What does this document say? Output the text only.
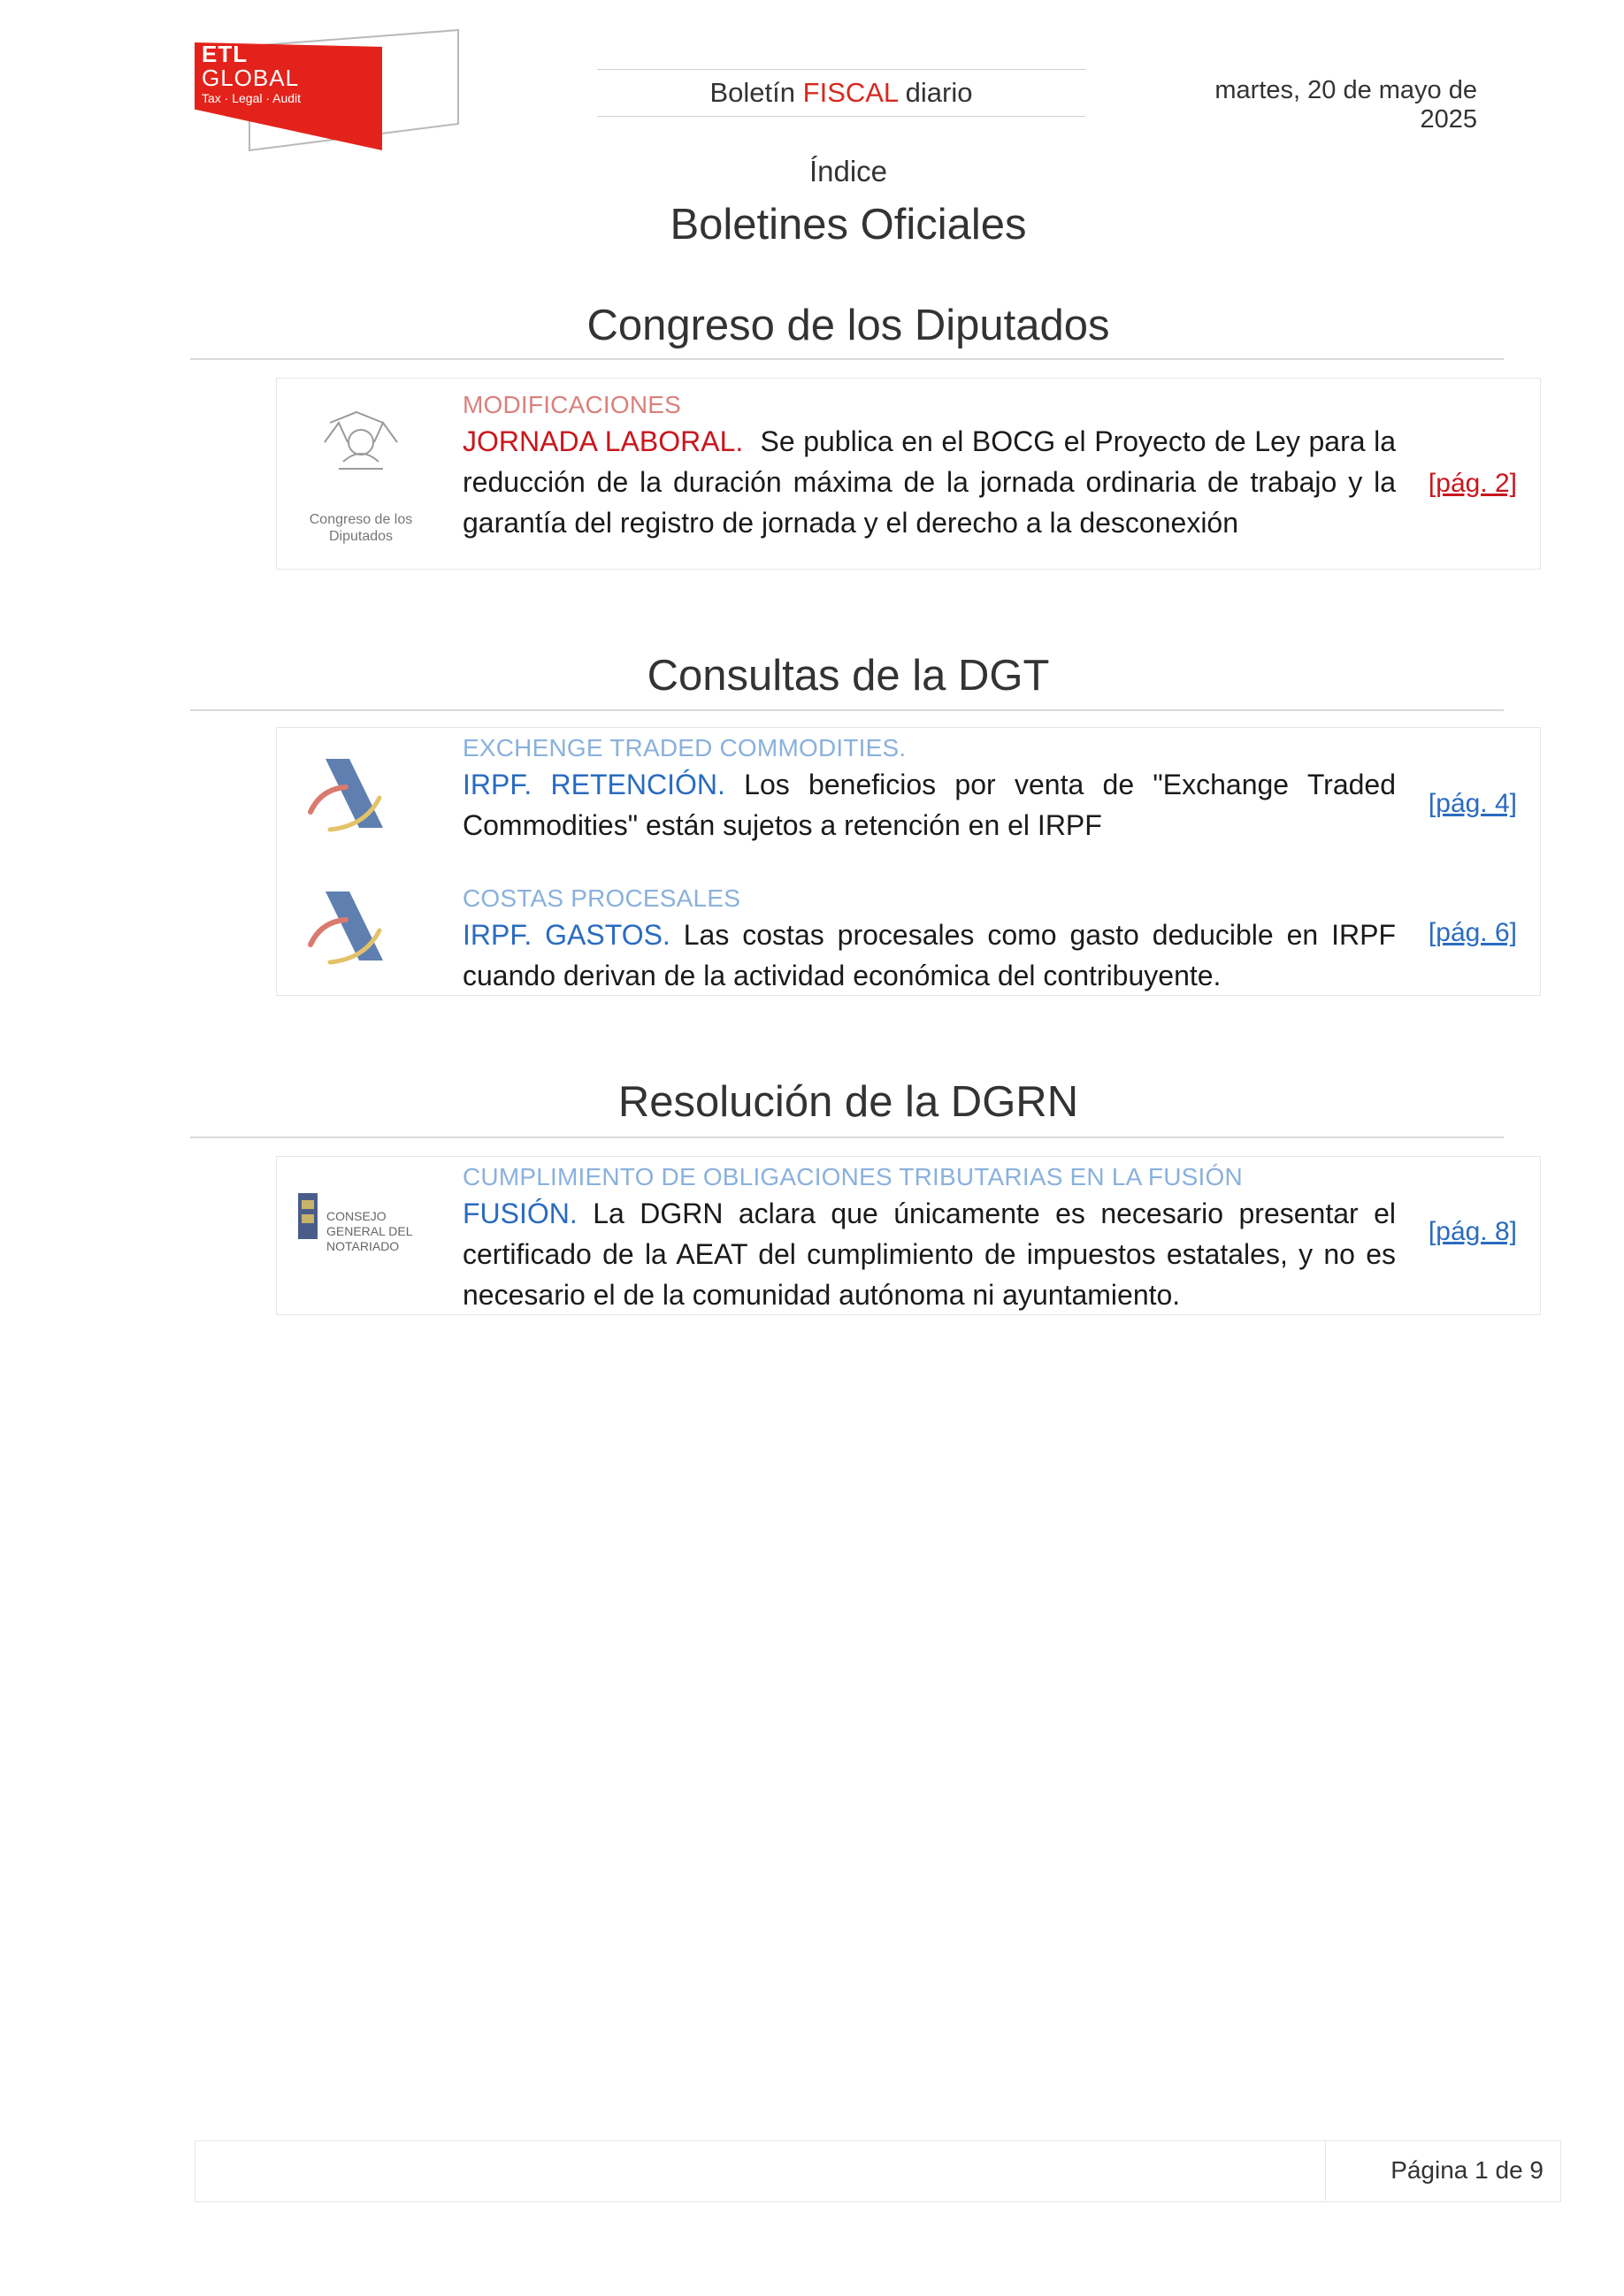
ETL
GLOBAL
Tax · Legal · Audit	Boletín FISCAL diario	martes, 20 de mayo de 2025
Índice
Boletines Oficiales
Congreso de los Diputados
Congreso de los Diputados
MODIFICACIONES
JORNADA LABORAL. Se publica en el BOCG el Proyecto de Ley para la reducción de la duración máxima de la jornada ordinaria de trabajo y la garantía del registro de jornada y el derecho a la desconexión
[pág. 2]
Consultas de la DGT
EXCHENGE TRADED COMMODITIES.
IRPF. RETENCIÓN. Los beneficios por venta de "Exchange Traded Commodities" están sujetos a retención en el IRPF
[pág. 4]
COSTAS PROCESALES
IRPF. GASTOS. Las costas procesales como gasto deducible en IRPF cuando derivan de la actividad económica del contribuyente.
[pág. 6]
Resolución de la DGRN
CONSEJO GENERAL DEL NOTARIADO
CUMPLIMIENTO DE OBLIGACIONES TRIBUTARIAS EN LA FUSIÓN
FUSIÓN. La DGRN aclara que únicamente es necesario presentar el certificado de la AEAT del cumplimiento de impuestos estatales, y no es necesario el de la comunidad autónoma ni ayuntamiento.
[pág. 8]
Página 1 de 9
